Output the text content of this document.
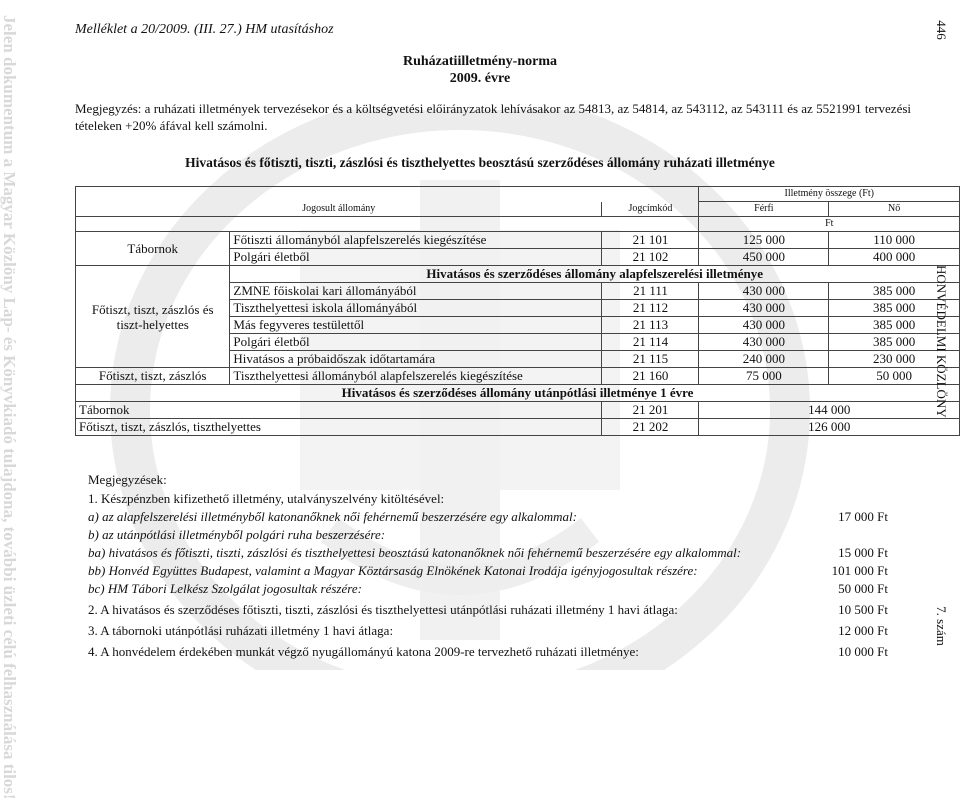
Jelen dokumentum a Magyar Közlöny Lap- és Könyvkiadó tulajdona, további üzleti célú felhasználása tilos!	Melléklet a 20/2009. (III. 27.) HM utasításhoz
Ruházatiilletmény-norma
2009. évre
Megjegyzés: a ruházati illetmények tervezésekor és a költségvetési előirányzatok lehívásakor az 54813, az 54814, az 543112, az 543111 és az 5521991 tervezési tételeken +20% áfával kell számolni.
Hivatásos és főtiszti, tiszti, zászlósi és tiszthelyettes beosztású szerződéses állomány ruházati illetménye
			Illetmény összege (Ft)	
Jogosult állomány		Jogcímkód	Férfi	Nő
			Ft	
Tábornok	Főtiszti állományból alapfelszerelés kiegészítése	21 101	125 000	110 000
	Polgári életből	21 102	450 000	400 000
Főtiszt, tiszt, zászlós és tiszt-helyettes	Hivatásos és szerződéses állomány alapfelszerelési illetménye			
	ZMNE főiskolai kari állományából	21 111	430 000	385 000
	Tiszthelyettesi iskola állományából	21 112	430 000	385 000
	Más fegyveres testülettől	21 113	430 000	385 000
	Polgári életből	21 114	430 000	385 000
	Hivatásos a próbaidőszak időtartamára	21 115	240 000	230 000
Főtiszt, tiszt, zászlós	Tiszthelyettesi állományból alapfelszerelés kiegészítése	21 160	75 000	50 000
Hivatásos és szerződéses állomány utánpótlási illetménye 1 évre				
Tábornok		21 201	144 000	
Főtiszt, tiszt, zászlós, tiszthelyettes		21 202	126 000	
Megjegyzések:
1. Készpénzben kifizethető illetmény, utalványszelvény kitöltésével:
a) az alapfelszerelési illetményből katonanőknek női fehérnemű beszerzésére egy alkalommal:	17 000 Ft
b) az utánpótlási illetményből polgári ruha beszerzésére:
ba) hivatásos és főtiszti, tiszti, zászlósi és tiszthelyettesi beosztású katonanőknek női fehérnemű beszerzésére egy alkalommal:	15 000 Ft
bb) Honvéd Együttes Budapest, valamint a Magyar Köztársaság Elnökének Katonai Irodája igényjogosultak részére:	101 000 Ft
bc) HM Tábori Lelkész Szolgálat jogosultak részére:	50 000 Ft
2. A hivatásos és szerződéses főtiszti, tiszti, zászlósi és tiszthelyettesi utánpótlási ruházati illetmény 1 havi átlaga:	10 500 Ft
3. A tábornoki utánpótlási ruházati illetmény 1 havi átlaga:	12 000 Ft
4. A honvédelem érdekében munkát végző nyugállományú katona 2009-re tervezhető ruházati illetménye:	10 000 Ft
446
HONVÉDELMI KÖZLÖNY
7. szám
